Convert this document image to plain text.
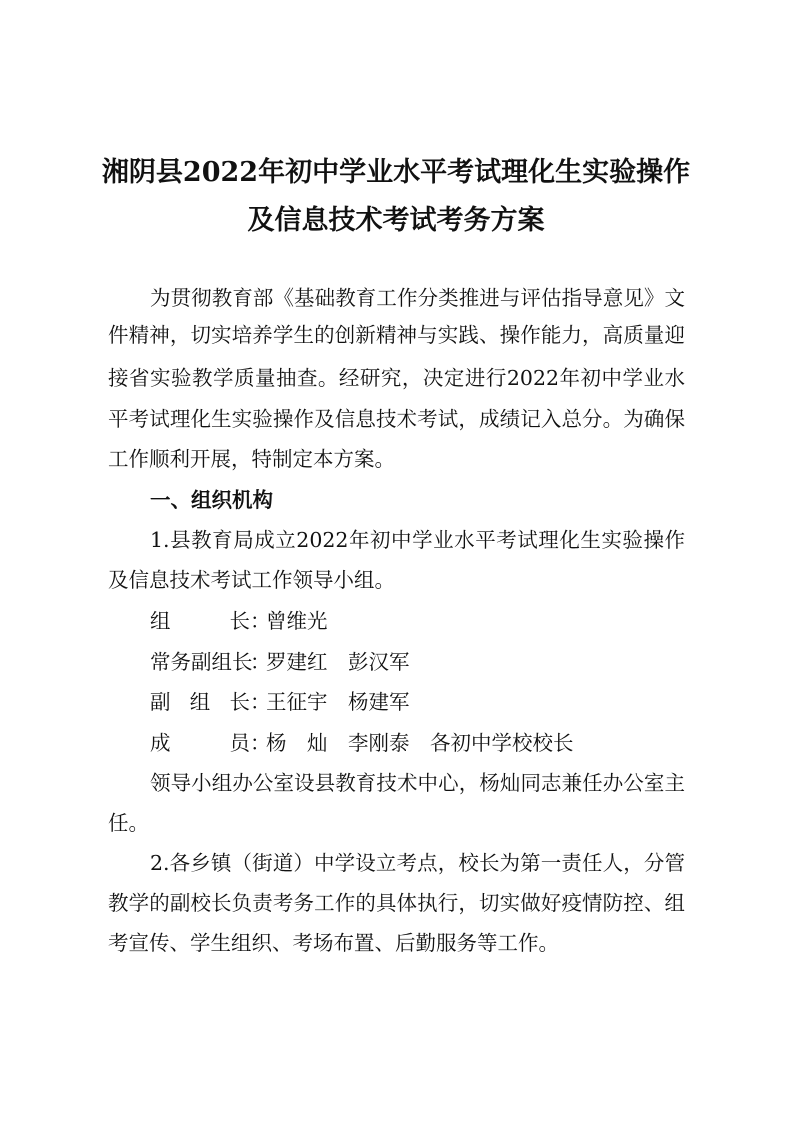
湘阴县2022年初中学业水平考试理化生实验操作
及信息技术考试考务方案
为贯彻教育部《基础教育工作分类推进与评估指导意见》文
件精神，切实培养学生的创新精神与实践、操作能力，高质量迎
接省实验教学质量抽查。经研究，决定进行2022年初中学业水
平考试理化生实验操作及信息技术考试，成绩记入总分。为确保
工作顺利开展，特制定本方案。
一、组织机构
1.县教育局成立2022年初中学业水平考试理化生实验操作
及信息技术考试工作领导小组。
组长：曾维光
常务副组长：罗建红　彭汉军
副组长：王征宇　杨建军
成员：杨　灿　李刚泰　各初中学校校长
领导小组办公室设县教育技术中心，杨灿同志兼任办公室主
任。
2.各乡镇（街道）中学设立考点，校长为第一责任人，分管
教学的副校长负责考务工作的具体执行，切实做好疫情防控、组
考宣传、学生组织、考场布置、后勤服务等工作。
